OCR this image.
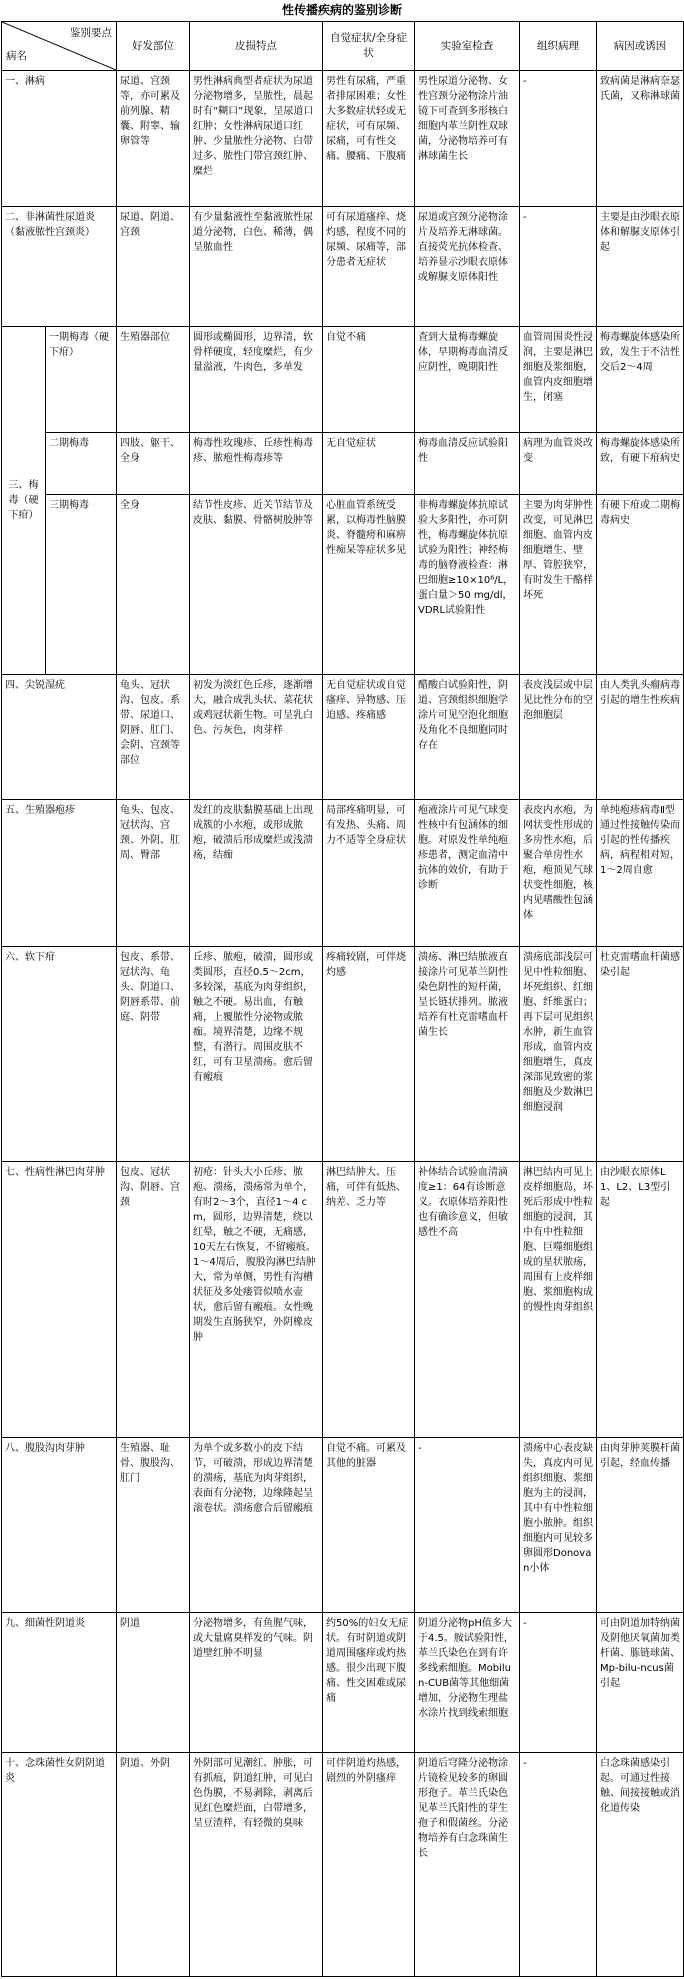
性传播疾病的鉴别诊断
鉴别要点
病名		好发部位	皮损特点	自觉症状/全身症状	实验室检查	组织病理	病因或诱因
一、淋病		尿道、宫颈等，亦可累及前列腺、精囊、附睾、输卵管等	男性淋病典型者症状为尿道分泌物增多，呈脓性，晨起时有“糊口”现象，呈尿道口红肿；女性淋病尿道口红肿、少量脓性分泌物、白带过多、脓性门带宫颈红肿、糜烂	男性有尿痛，严重者排尿困难；女性大多数症状轻或无症状，可有尿频、尿痛，可有性交痛、腰痛、下腹痛	男性尿道分泌物、女性宫颈分泌物涂片油镜下可查到多形核白细胞内革兰阴性双球菌，分泌物培养可有淋球菌生长	-	致病菌是淋病奈瑟氏菌，又称淋球菌
二、非淋菌性尿道炎（黏液脓性宫颈炎）		尿道、阴道、宫颈	有少量黏液性至黏液脓性尿道分泌物，白色、稀薄，偶呈脓血性	可有尿道瘙痒、烧灼感，程度不同的尿频、尿痛等，部分患者无症状	尿道或宫颈分泌物涂片及培养无淋球菌。直接荧光抗体检查、培养显示沙眼衣原体或解脲支原体阳性	-	主要是由沙眼衣原体和解脲支原体引起

三、梅毒（硬下疳）	一期梅毒（硬下疳）	生殖器部位	圆形或椭圆形，边界清，软骨样硬度，轻度糜烂，有少量溢液，牛肉色，多单发	自觉不痛	查到大量梅毒螺旋体，早期梅毒血清反应阴性，晚期阳性	血管周围炎性浸润，主要是淋巴细胞及浆细胞，血管内皮细胞增生，闭塞	梅毒螺旋体感染所致，发生于不洁性交后2～4周
	二期梅毒	四肢、躯干、全身	梅毒性玫瑰疹、丘疹性梅毒疹、脓疱性梅毒疹等	无自觉症状	梅毒血清反应试验阳性	病理为血管炎改变	梅毒螺旋体感染所致，有硬下疳病史
	三期梅毒	全身	结节性皮疹、近关节结节及皮肤、黏膜、骨骼树胶肿等	心脏血管系统受累，以梅毒性脑膜炎、脊髓痨和麻痹性痴呆等症状多见	非梅毒螺旋体抗原试验大多阳性，亦可阴性，梅毒螺旋体抗原试验为阳性；神经梅毒的脑脊液检查：淋巴细胞≥10×10⁶/L，蛋白量＞50 mg/dl，VDRL试验阳性	主要为肉芽肿性改变，可见淋巴细胞、血管内皮细胞增生、壁厚、管腔狭窄，有时发生干酪样坏死	有硬下疳或二期梅毒病史
四、尖锐湿疣		龟头、冠状沟、包皮、系带、尿道口、阴唇、肛门、会阴、宫颈等部位	初发为淡红色丘疹，逐渐增大，融合成乳头状、菜花状或鸡冠状新生物。可呈乳白色、污灰色，肉芽样	无自觉症状或自觉瘙痒、异物感、压迫感、疼痛感	醋酸白试验阳性，阴道、宫颈组织细胞学涂片可见空泡化细胞及角化不良细胞同时存在	表皮浅层或中层见比性分布的空泡细胞层	由人类乳头瘤病毒引起的增生性疾病
五、生殖器疱疹		龟头、包皮、冠状沟、宫颈、外阴、肛周、臀部	发红的皮肤黏膜基础上出现成簇的小水疱，或形成脓疱，破溃后形成糜烂或浅溃疡，结痂	局部疼痛明显，可有发热、头痛、周力不适等全身症状	疱液涂片可见气球变性核中有包涵体的细胞。对原发性单纯疱疹患者，测定血清中抗体的效价，有助于诊断	表皮内水疱，为网状变性形成的多房性水疱，后聚合单房性水疱，疱顶见气球状变性细胞，核内见嗜酸性包涵体	单纯疱疹病毒Ⅱ型通过性接触传染而引起的性传播疾病，病程相对短，1～2周自愈
六、软下疳		包皮、系带、冠状沟、龟头、阴道口、阴唇系带、前庭、阴带	丘疹、脓疱，破溃，圆形或类圆形，直径0.5～2cm，多较深，基底为肉芽组织，触之不硬。易出血，有触痛，上覆脓性分泌物或脓痂。境界清楚，边缘不规整，有潜行。周围皮肤不红，可有卫星溃疡。愈后留有瘢痕	疼痛较剧，可伴烧灼感	溃疡、淋巴结脓液直接涂片可见革兰阴性染色阴性的短杆菌，呈长链状排列。脓液培养有杜克雷嗜血杆菌生长	溃疡底部浅层可见中性粒细胞、坏死组织、红细胞、纤维蛋白；再下层可见组织水肿，新生血管形成，血管内皮细胞增生，真皮深部见致密的浆细胞及少数淋巴细胞浸润	杜克雷嗜血杆菌感染引起
七、性病性淋巴肉芽肿		包皮、冠状沟、阴唇、宫颈	初疮：针头大小丘疹、脓疱、溃疡，溃疡常为单个，有时2～3个，直径1～4 cm，圆形，边界清楚，绕以红晕，触之不硬，无痛感，10天左右恢复，不留瘢痕。1～4周后，腹股沟淋巴结肿大，常为单侧，男性有沟槽状征及多处瘘管似喷水壶状，愈后留有瘢痕。女性晚期发生直肠狭窄，外阴橡皮肿	淋巴结肿大、压痛，可伴有低热、纳差、乏力等	补体结合试验血清滴度≥1：64有诊断意义。衣原体培养阳性也有确诊意义，但敏感性不高	淋巴结内可见上皮样细胞岛，坏死后形成中性粒细胞的浸润，其中有中性粒细胞、巨噬细胞组成的星状脓疡，周围有上皮样细胞、浆细胞构成的慢性肉芽组织	由沙眼衣原体L1、L2、L3型引起
八、腹股沟肉芽肿		生殖器、耻骨、腹股沟、肛门	为单个或多数小的皮下结节，可破溃，形成边界清楚的溃疡，基底为肉芽组织，表面有分泌物，边缘隆起呈滚卷状。溃疡愈合后留瘢痕	自觉不痛。可累及其他的脏器	-	溃疡中心表皮缺失，真皮内可见组织细胞、浆细胞为主的浸润，其中有中性粒细胞小脓肿。组织细胞内可见较多卵圆形Donovan小体	由肉芽肿荚膜杆菌引起，经血传播
九、细菌性阴道炎		阴道	分泌物增多，有鱼腥气味，或大量腐臭样发的气味。阴道壁红肿不明显	约50%的妇女无症状。有时阴道或阴道周围瘙痒或灼热感。很少出现下腹痛、性交困难或尿痛	阴道分泌物pH值多大于4.5。胺试验阳性，革兰氏染色在到有许多线索细胞。Mobilun-CUB菌等其他细菌增加，分泌物生理盐水涂片找到线索细胞	-	可由阴道加特纳菌及阴他厌氧菌加类杆菌、胨链球菌、Mp-bilu-ncus菌引起
十、念珠菌性女阴阴道炎		阴道、外阴	外阴部可见潮红、肿胀，可有抓痕，阴道红肿，可见白色伪膜，不易剥除，剥离后见红色糜烂面，白带增多，呈豆渣样，有轻微的臭味	可伴阴道灼热感，剧烈的外阴瘙痒	阴道后穹隆分泌物涂片镜检见较多的卵圆形孢子。革兰氏染色见革兰氏阳性的芽生孢子和假菌丝。分泌物培养有白念珠菌生长	-	白念珠菌感染引起。可通过性接触、间接接触或消化道传染
